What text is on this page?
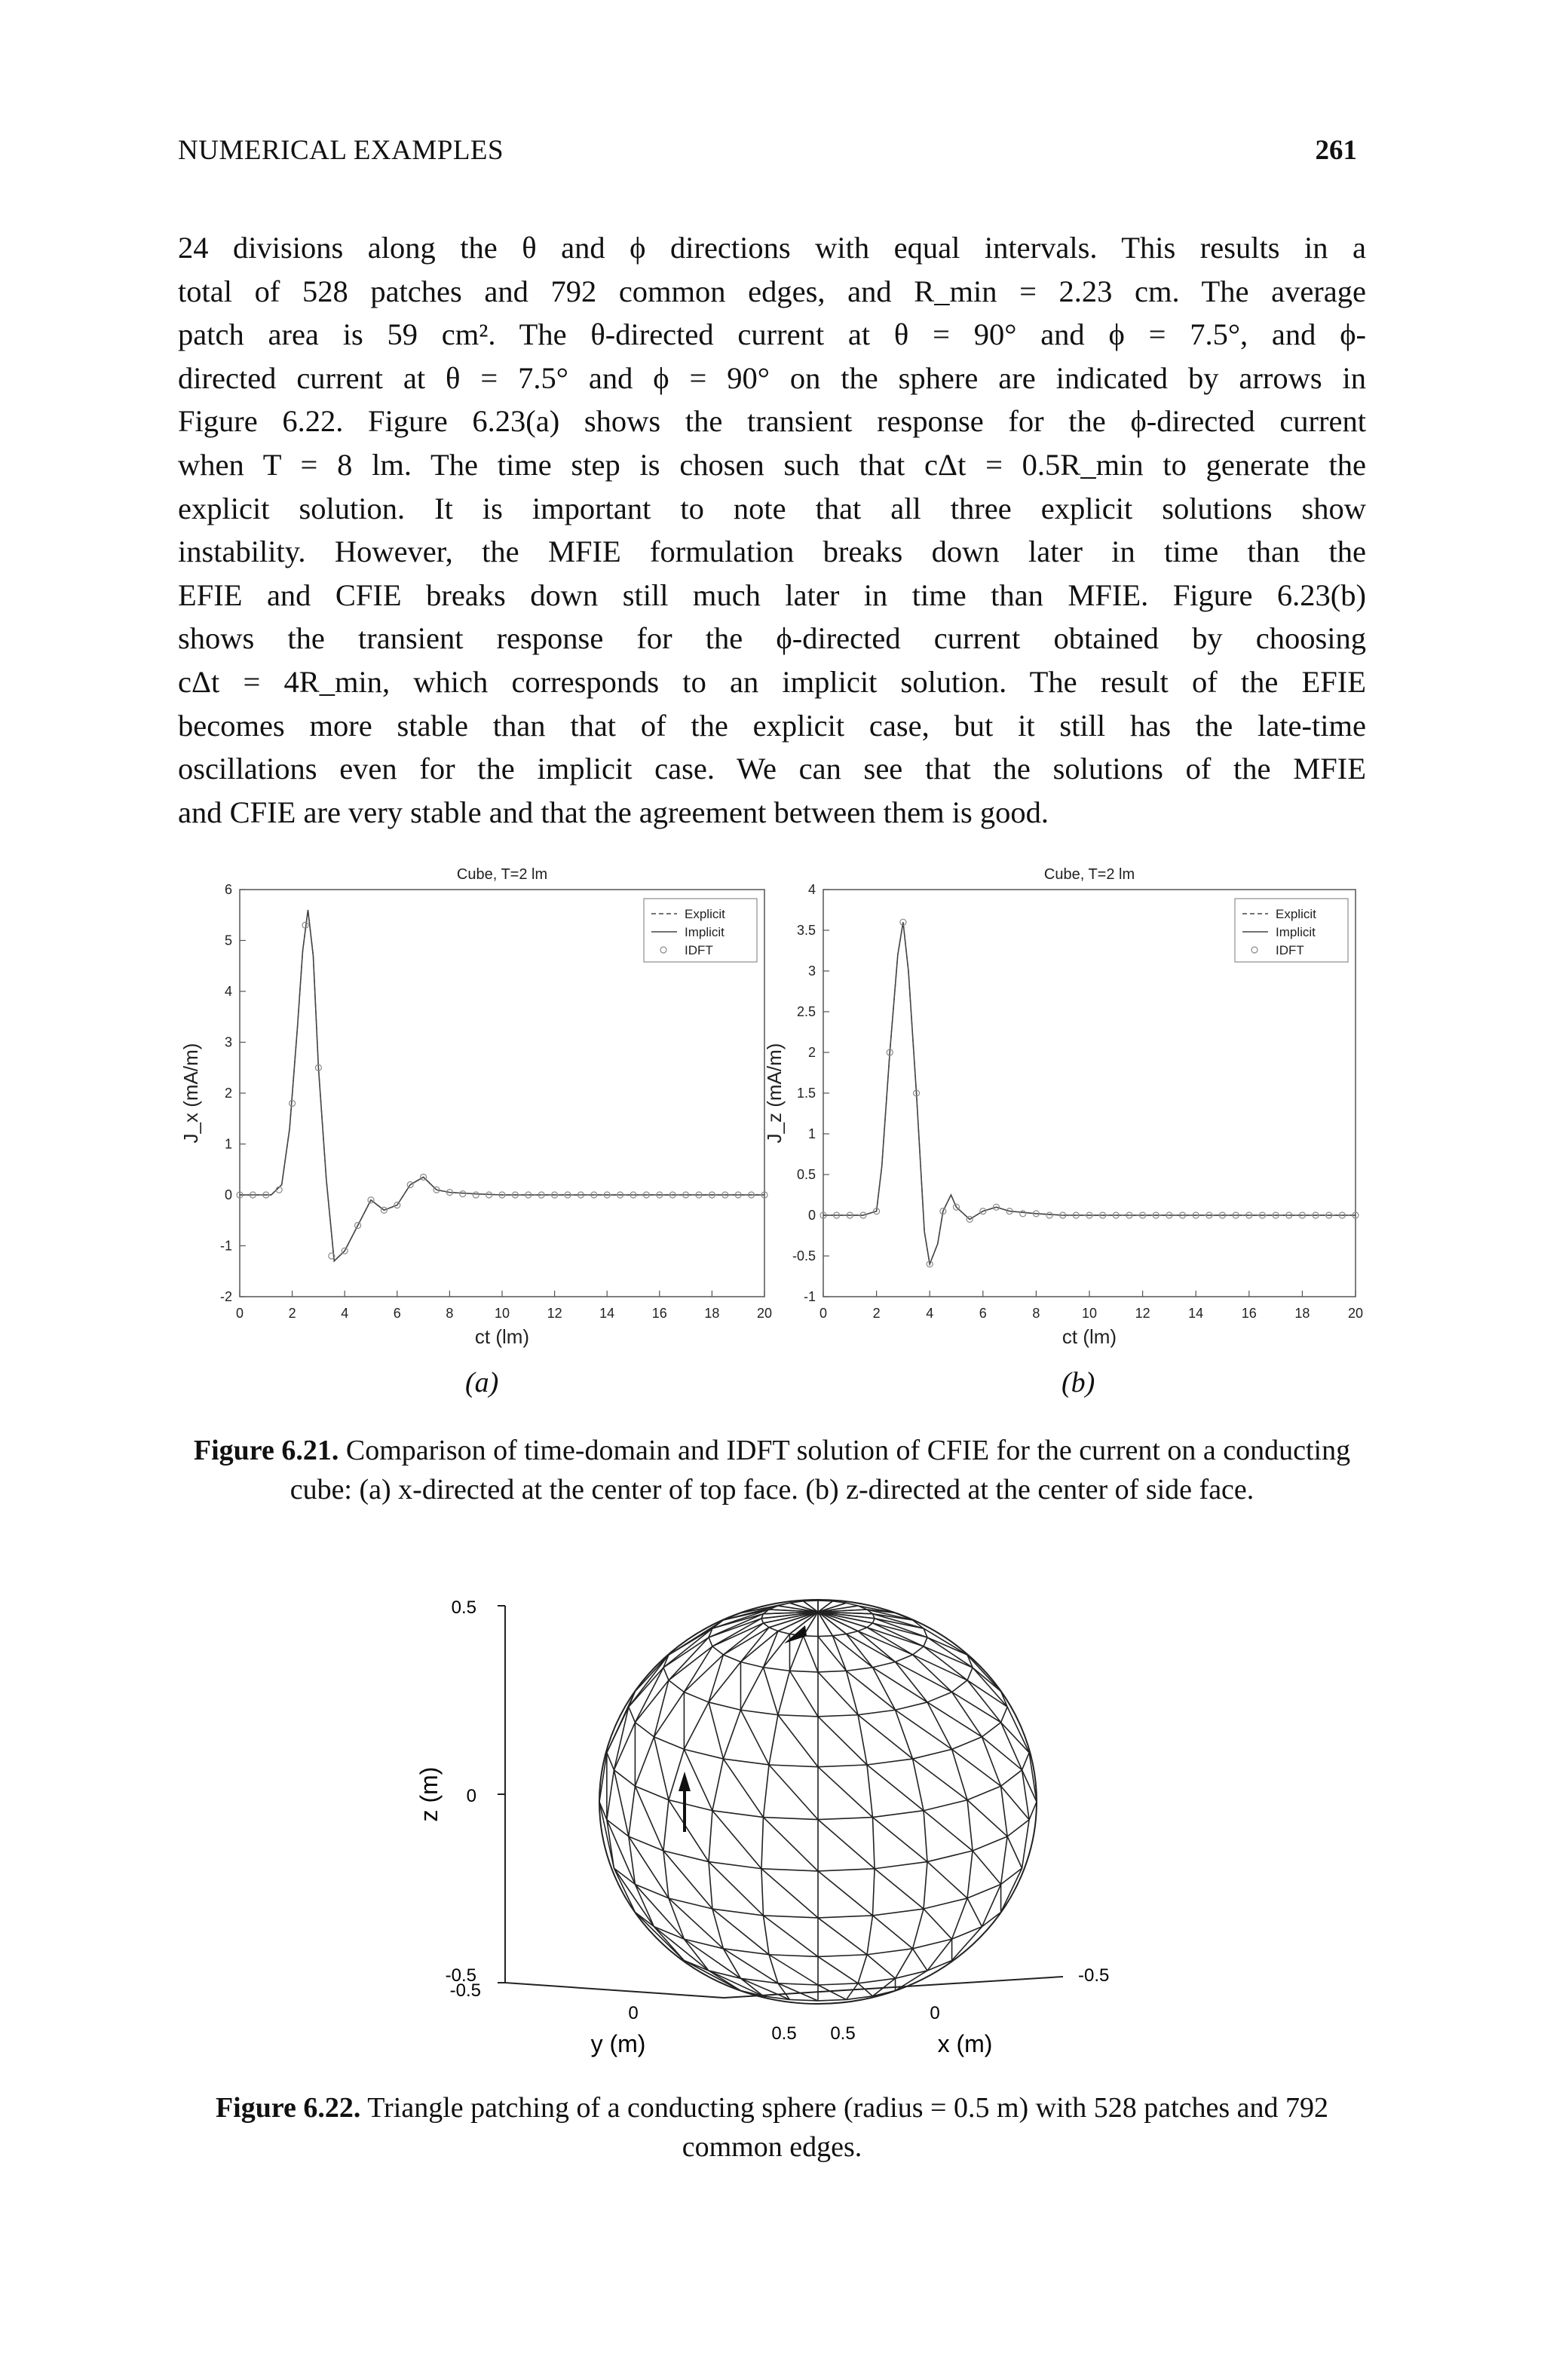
NUMERICAL EXAMPLES	261
24 divisions along the θ and ϕ directions with equal intervals. This results in a
total of 528 patches and 792 common edges, and R_min = 2.23 cm. The average
patch area is 59 cm². The θ-directed current at θ = 90° and ϕ = 7.5°, and ϕ-
directed current at θ = 7.5° and ϕ = 90° on the sphere are indicated by arrows in
Figure 6.22. Figure 6.23(a) shows the transient response for the ϕ-directed current
when T = 8 lm. The time step is chosen such that cΔt = 0.5R_min to generate the
explicit solution. It is important to note that all three explicit solutions show
instability. However, the MFIE formulation breaks down later in time than the
EFIE and CFIE breaks down still much later in time than MFIE. Figure 6.23(b)
shows the transient response for the ϕ-directed current obtained by choosing
cΔt = 4R_min, which corresponds to an implicit solution. The result of the EFIE
becomes more stable than that of the explicit case, but it still has the late-time
oscillations even for the implicit case. We can see that the solutions of the MFIE
and CFIE are very stable and that the agreement between them is good.
Cube, T=2 lm
0	2	4	6	8	10	12	14	16	18	20
-2
-1
0
1
2
3
4
5
6
ct (lm)
J_x (mA/m)
Explicit
Implicit
IDFT
Cube, T=2 lm
0	2	4	6	8	10	12	14	16	18	20
-1
-0.5
0
0.5
1
1.5
2
2.5
3
3.5
4
ct (lm)
J_z (mA/m)
Explicit
Implicit
IDFT
(a)	(b)
Figure 6.21. Comparison of time-domain and IDFT solution of CFIE for the current on a conducting cube: (a) x-directed at the center of top face. (b) z-directed at the center of side face.
0.5
0
-0.5
-0.5
0
0.5 0.5
0
-0.5
z (m)
y (m)	x (m)
Figure 6.22. Triangle patching of a conducting sphere (radius = 0.5 m) with 528 patches and 792 common edges.
